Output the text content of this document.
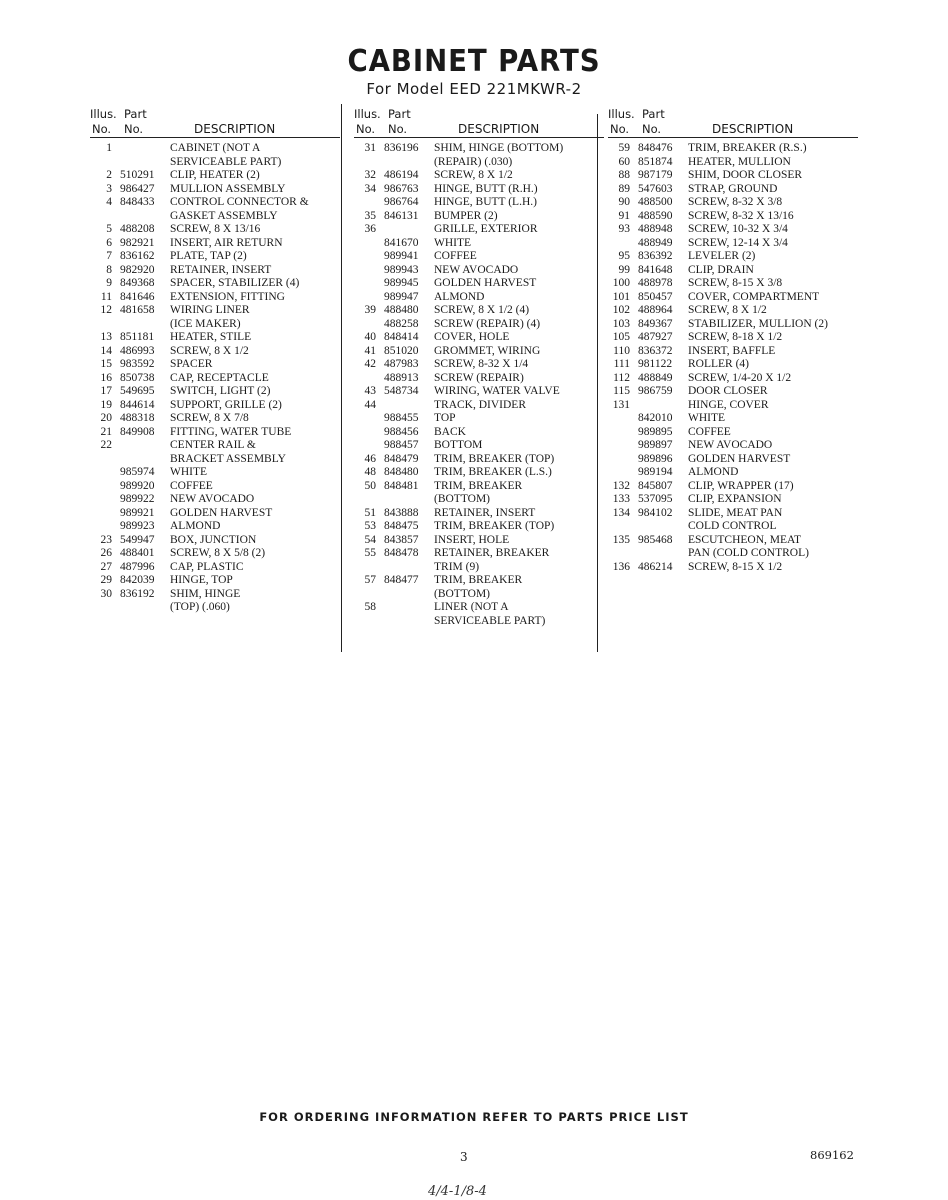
CABINET PARTS
For Model EED 221MKWR-2
Illus. Part
No. No.	DESCRIPTION
1	CABINET (NOT A
SERVICEABLE PART)
2 510291	CLIP, HEATER (2)
3 986427	MULLION ASSEMBLY
4 848433	CONTROL CONNECTOR &
GASKET ASSEMBLY
5 488208	SCREW, 8 X 13/16
6 982921	INSERT, AIR RETURN
7 836162	PLATE, TAP (2)
8 982920	RETAINER, INSERT
9 849368	SPACER, STABILIZER (4)
11 841646	EXTENSION, FITTING
12 481658	WIRING LINER
(ICE MAKER)
13 851181	HEATER, STILE
14 486993	SCREW, 8 X 1/2
15 983592	SPACER
16 850738	CAP, RECEPTACLE
17 549695	SWITCH, LIGHT (2)
19 844614	SUPPORT, GRILLE (2)
20 488318	SCREW, 8 X 7/8
21 849908	FITTING, WATER TUBE
22	CENTER RAIL &
BRACKET ASSEMBLY
985974	WHITE
989920	COFFEE
989922	NEW AVOCADO
989921	GOLDEN HARVEST
989923	ALMOND
23 549947	BOX, JUNCTION
26 488401	SCREW, 8 X 5/8 (2)
27 487996	CAP, PLASTIC
29 842039	HINGE, TOP
30 836192	SHIM, HINGE
(TOP) (.060)
Illus. Part
No. No.	DESCRIPTION
31 836196	SHIM, HINGE (BOTTOM)
(REPAIR) (.030)
32 486194	SCREW, 8 X 1/2
34 986763	HINGE, BUTT (R.H.)
986764	HINGE, BUTT (L.H.)
35 846131	BUMPER (2)
36	GRILLE, EXTERIOR
841670	WHITE
989941	COFFEE
989943	NEW AVOCADO
989945	GOLDEN HARVEST
989947	ALMOND
39 488480	SCREW, 8 X 1/2 (4)
488258	SCREW (REPAIR) (4)
40 848414	COVER, HOLE
41 851020	GROMMET, WIRING
42 487983	SCREW, 8-32 X 1/4
488913	SCREW (REPAIR)
43 548734	WIRING, WATER VALVE
44	TRACK, DIVIDER
988455	TOP
988456	BACK
988457	BOTTOM
46 848479	TRIM, BREAKER (TOP)
48 848480	TRIM, BREAKER (L.S.)
50 848481	TRIM, BREAKER
(BOTTOM)
51 843888	RETAINER, INSERT
53 848475	TRIM, BREAKER (TOP)
54 843857	INSERT, HOLE
55 848478	RETAINER, BREAKER
TRIM (9)
57 848477	TRIM, BREAKER
(BOTTOM)
58	LINER (NOT A
SERVICEABLE PART)
Illus. Part
No. No.	DESCRIPTION
59 848476	TRIM, BREAKER (R.S.)
60 851874	HEATER, MULLION
88 987179	SHIM, DOOR CLOSER
89 547603	STRAP, GROUND
90 488500	SCREW, 8-32 X 3/8
91 488590	SCREW, 8-32 X 13/16
93 488948	SCREW, 10-32 X 3/4
488949	SCREW, 12-14 X 3/4
95 836392	LEVELER (2)
99 841648	CLIP, DRAIN
100 488978	SCREW, 8-15 X 3/8
101 850457	COVER, COMPARTMENT
102 488964	SCREW, 8 X 1/2
103 849367	STABILIZER, MULLION (2)
105 487927	SCREW, 8-18 X 1/2
110 836372	INSERT, BAFFLE
111 981122	ROLLER (4)
112 488849	SCREW, 1/4-20 X 1/2
115 986759	DOOR CLOSER
131	HINGE, COVER
842010	WHITE
989895	COFFEE
989897	NEW AVOCADO
989896	GOLDEN HARVEST
989194	ALMOND
132 845807	CLIP, WRAPPER (17)
133 537095	CLIP, EXPANSION
134 984102	SLIDE, MEAT PAN
COLD CONTROL
135 985468	ESCUTCHEON, MEAT
PAN (COLD CONTROL)
136 486214	SCREW, 8-15 X 1/2
FOR ORDERING INFORMATION REFER TO PARTS PRICE LIST
3	869162
4/4-1/8-4
